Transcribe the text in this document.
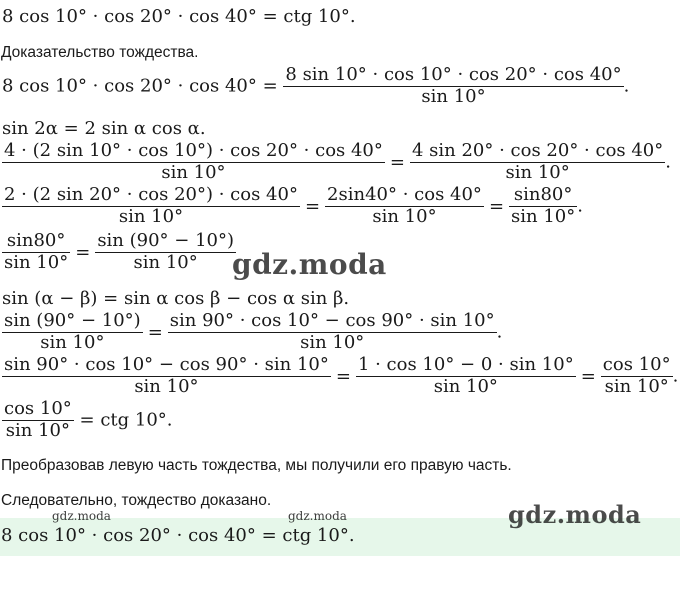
8 cos 10° · cos 20° · cos 40° = ctg 10°.
Доказательство тождества.
8 $\cos 10^\circ \cdot \cos 20^\circ \cdot \cos 40^\circ = \frac{8 \sin 10^\circ \cdot \cos 10^\circ \cdot \cos 20^\circ \cdot \cos 40^\circ}{\sin 10^\circ}$ .
sin 2α = 2 sin α cos α.
$\frac{4 \cdot (2 \sin 10^\circ \cdot \cos 10^\circ) \cdot \cos 20^\circ \cdot \cos 40^\circ}{\sin 10^\circ} = \frac{4 \sin 20^\circ \cdot \cos 20^\circ \cdot \cos 40^\circ}{\sin 10^\circ}$ .
$\frac{2 \cdot (2 \sin 20^\circ \cdot \cos 20^\circ) \cdot \cos 40^\circ}{\sin 10^\circ} = \frac{2\sin 40^\circ \cdot \cos 40^\circ}{\sin 10^\circ} = \frac{\sin 80^\circ}{\sin 10^\circ}$ .
$\frac{\sin 80^\circ}{\sin 10^\circ} = \frac{\sin (90^\circ - 10^\circ)}{\sin 10^\circ}$
gdz.moda
sin (α − β) = sin α cos β − cos α sin β.
$\frac{\sin (90^\circ - 10^\circ)}{\sin 10^\circ} = \frac{\sin 90^\circ \cdot \cos 10^\circ - \cos 90^\circ \cdot \sin 10^\circ}{\sin 10^\circ}$ .
$\frac{\sin 90^\circ \cdot \cos 10^\circ - \cos 90^\circ \cdot \sin 10^\circ}{\sin 10^\circ} = \frac{1 \cdot \cos 10^\circ - 0 \cdot \sin 10^\circ}{\sin 10^\circ} = \frac{\cos 10^\circ}{\sin 10^\circ}$ .
$\frac{\cos 10^\circ}{\sin 10^\circ}$ = ctg 10°.
Преобразовав левую часть тождества, мы получили его правую часть.
Следовательно, тождество доказано.
8 cos 10° · cos 20° · cos 40° = ctg 10°.
gdz.moda
gdz.moda	gdz.moda
